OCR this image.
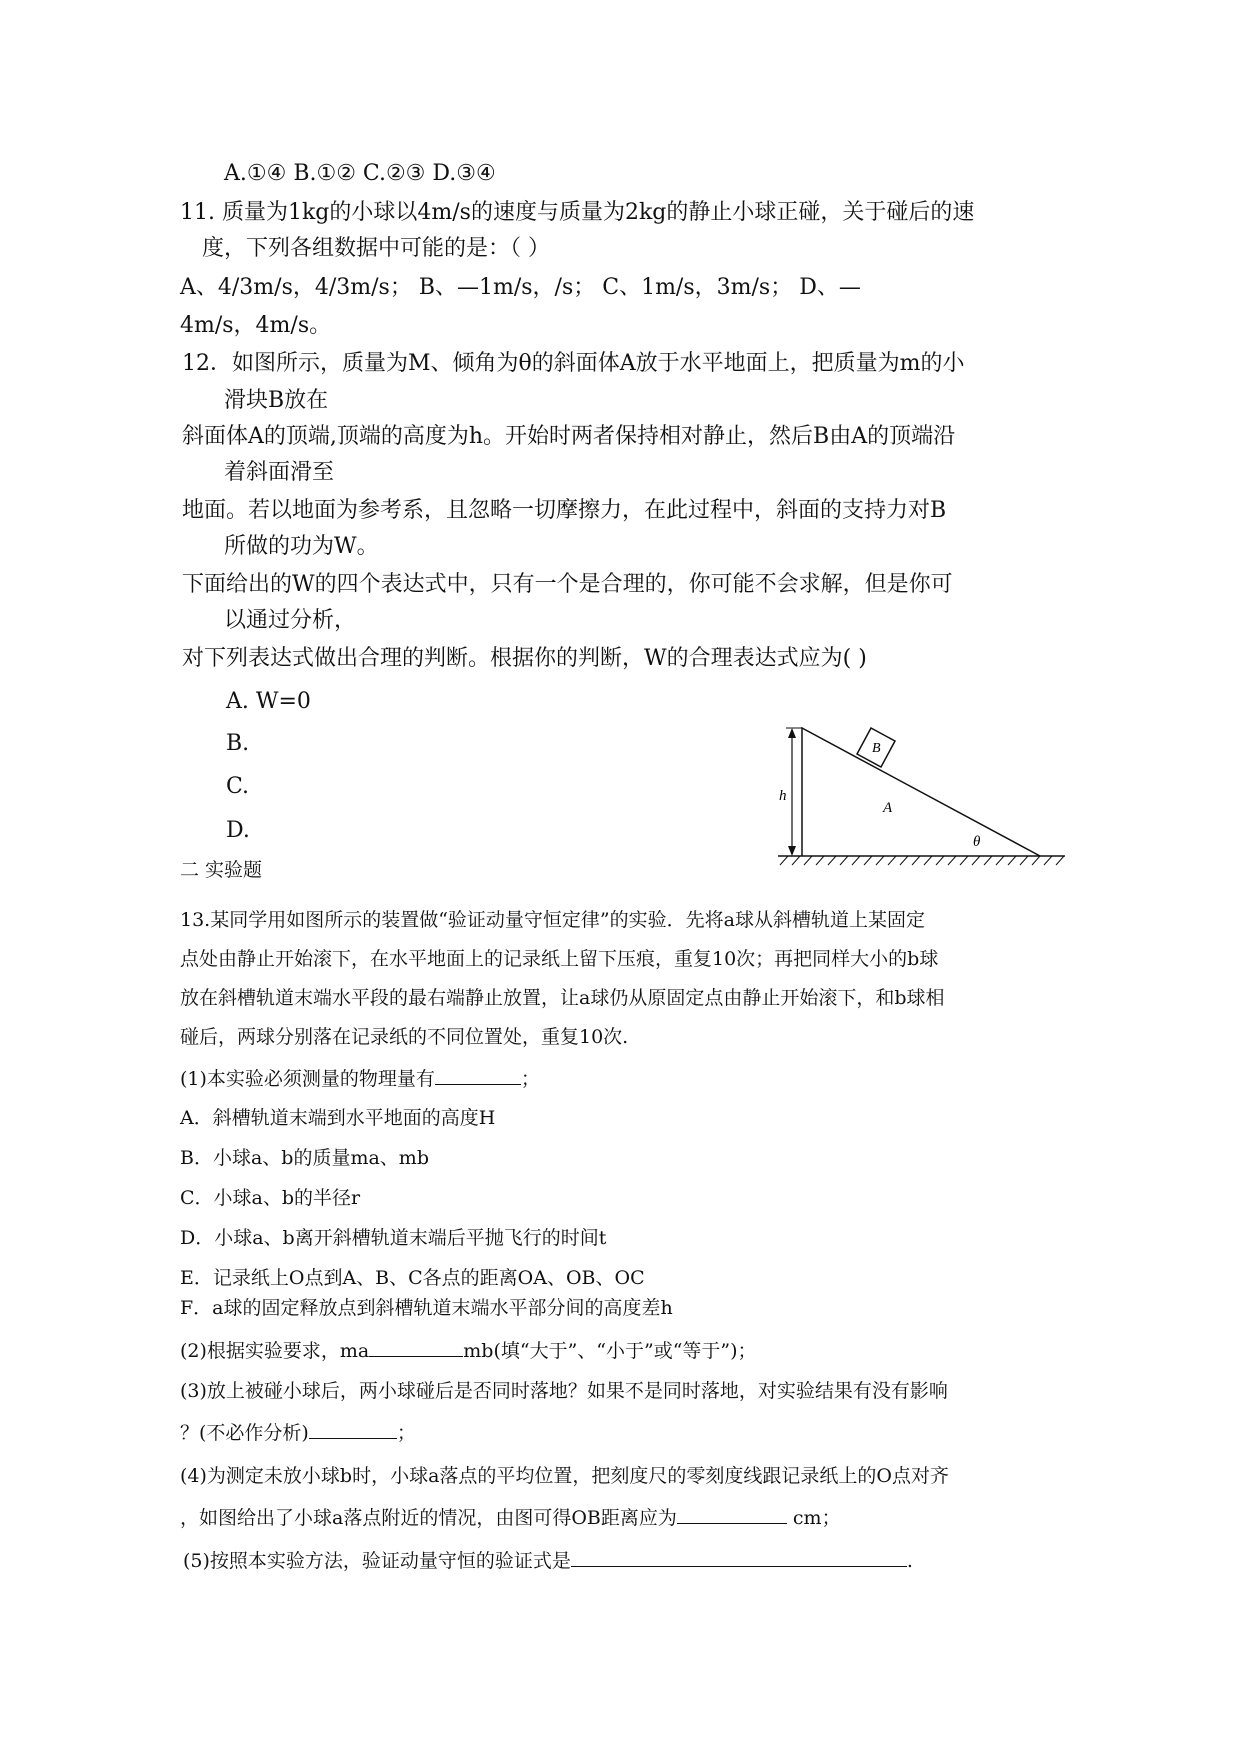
A.①④ B.①② C.②③ D.③④
11. 质量为1kg的小球以4m/s的速度与质量为2kg的静止小球正碰，关于碰后的速
度，下列各组数据中可能的是：（ ）
A、4/3m/s，4/3m/s； B、—1m/s，/s； C、1m/s，3m/s； D、—
4m/s，4m/s。
12．如图所示，质量为M、倾角为θ的斜面体A放于水平地面上，把质量为m的小
滑块B放在
斜面体A的顶端,顶端的高度为h。开始时两者保持相对静止，然后B由A的顶端沿
着斜面滑至
地面。若以地面为参考系，且忽略一切摩擦力，在此过程中，斜面的支持力对B
所做的功为W。
下面给出的W的四个表达式中，只有一个是合理的，你可能不会求解，但是你可
以通过分析，
对下列表达式做出合理的判断。根据你的判断，W的合理表达式应为( )
A. W=0
B.
C.
D.
B
h
A
θ
二 实验题
13.某同学用如图所示的装置做“验证动量守恒定律”的实验．先将a球从斜槽轨道上某固定
点处由静止开始滚下，在水平地面上的记录纸上留下压痕，重复10次；再把同样大小的b球
放在斜槽轨道末端水平段的最右端静止放置，让a球仍从原固定点由静止开始滚下，和b球相
碰后，两球分别落在记录纸的不同位置处，重复10次.
(1)本实验必须测量的物理量有	；
A．斜槽轨道末端到水平地面的高度H
B．小球a、b的质量ma、mb
C．小球a、b的半径r
D．小球a、b离开斜槽轨道末端后平抛飞行的时间t
E．记录纸上O点到A、B、C各点的距离OA、OB、OC
F．a球的固定释放点到斜槽轨道末端水平部分间的高度差h
(2)根据实验要求，ma	mb(填“大于”、“小于”或“等于”)；
(3)放上被碰小球后，两小球碰后是否同时落地？如果不是同时落地，对实验结果有没有影响
？(不必作分析)	；
(4)为测定未放小球b时，小球a落点的平均位置，把刻度尺的零刻度线跟记录纸上的O点对齐
，如图给出了小球a落点附近的情况，由图可得OB距离应为	cm；
(5)按照本实验方法，验证动量守恒的验证式是	.
